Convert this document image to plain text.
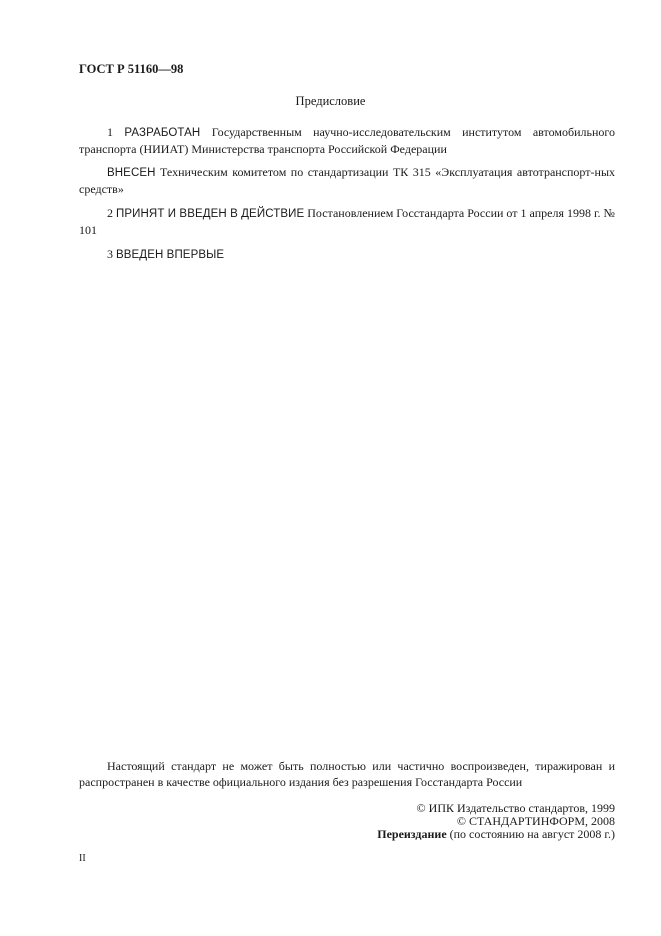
ГОСТ Р 51160—98
Предисловие
1 РАЗРАБОТАН Государственным научно-исследовательским институтом автомобильного транспорта (НИИАТ) Министерства транспорта Российской Федерации
ВНЕСЕН Техническим комитетом по стандартизации ТК 315 «Эксплуатация автотранспорт-ных средств»
2 ПРИНЯТ И ВВЕДЕН В ДЕЙСТВИЕ Постановлением Госстандарта России от 1 апреля 1998 г. № 101
3 ВВЕДЕН ВПЕРВЫЕ
Настоящий стандарт не может быть полностью или частично воспроизведен, тиражирован и распространен в качестве официального издания без разрешения Госстандарта России
© ИПК Издательство стандартов, 1999
© СТАНДАРТИНФОРМ, 2008
Переиздание (по состоянию на август 2008 г.)
II
